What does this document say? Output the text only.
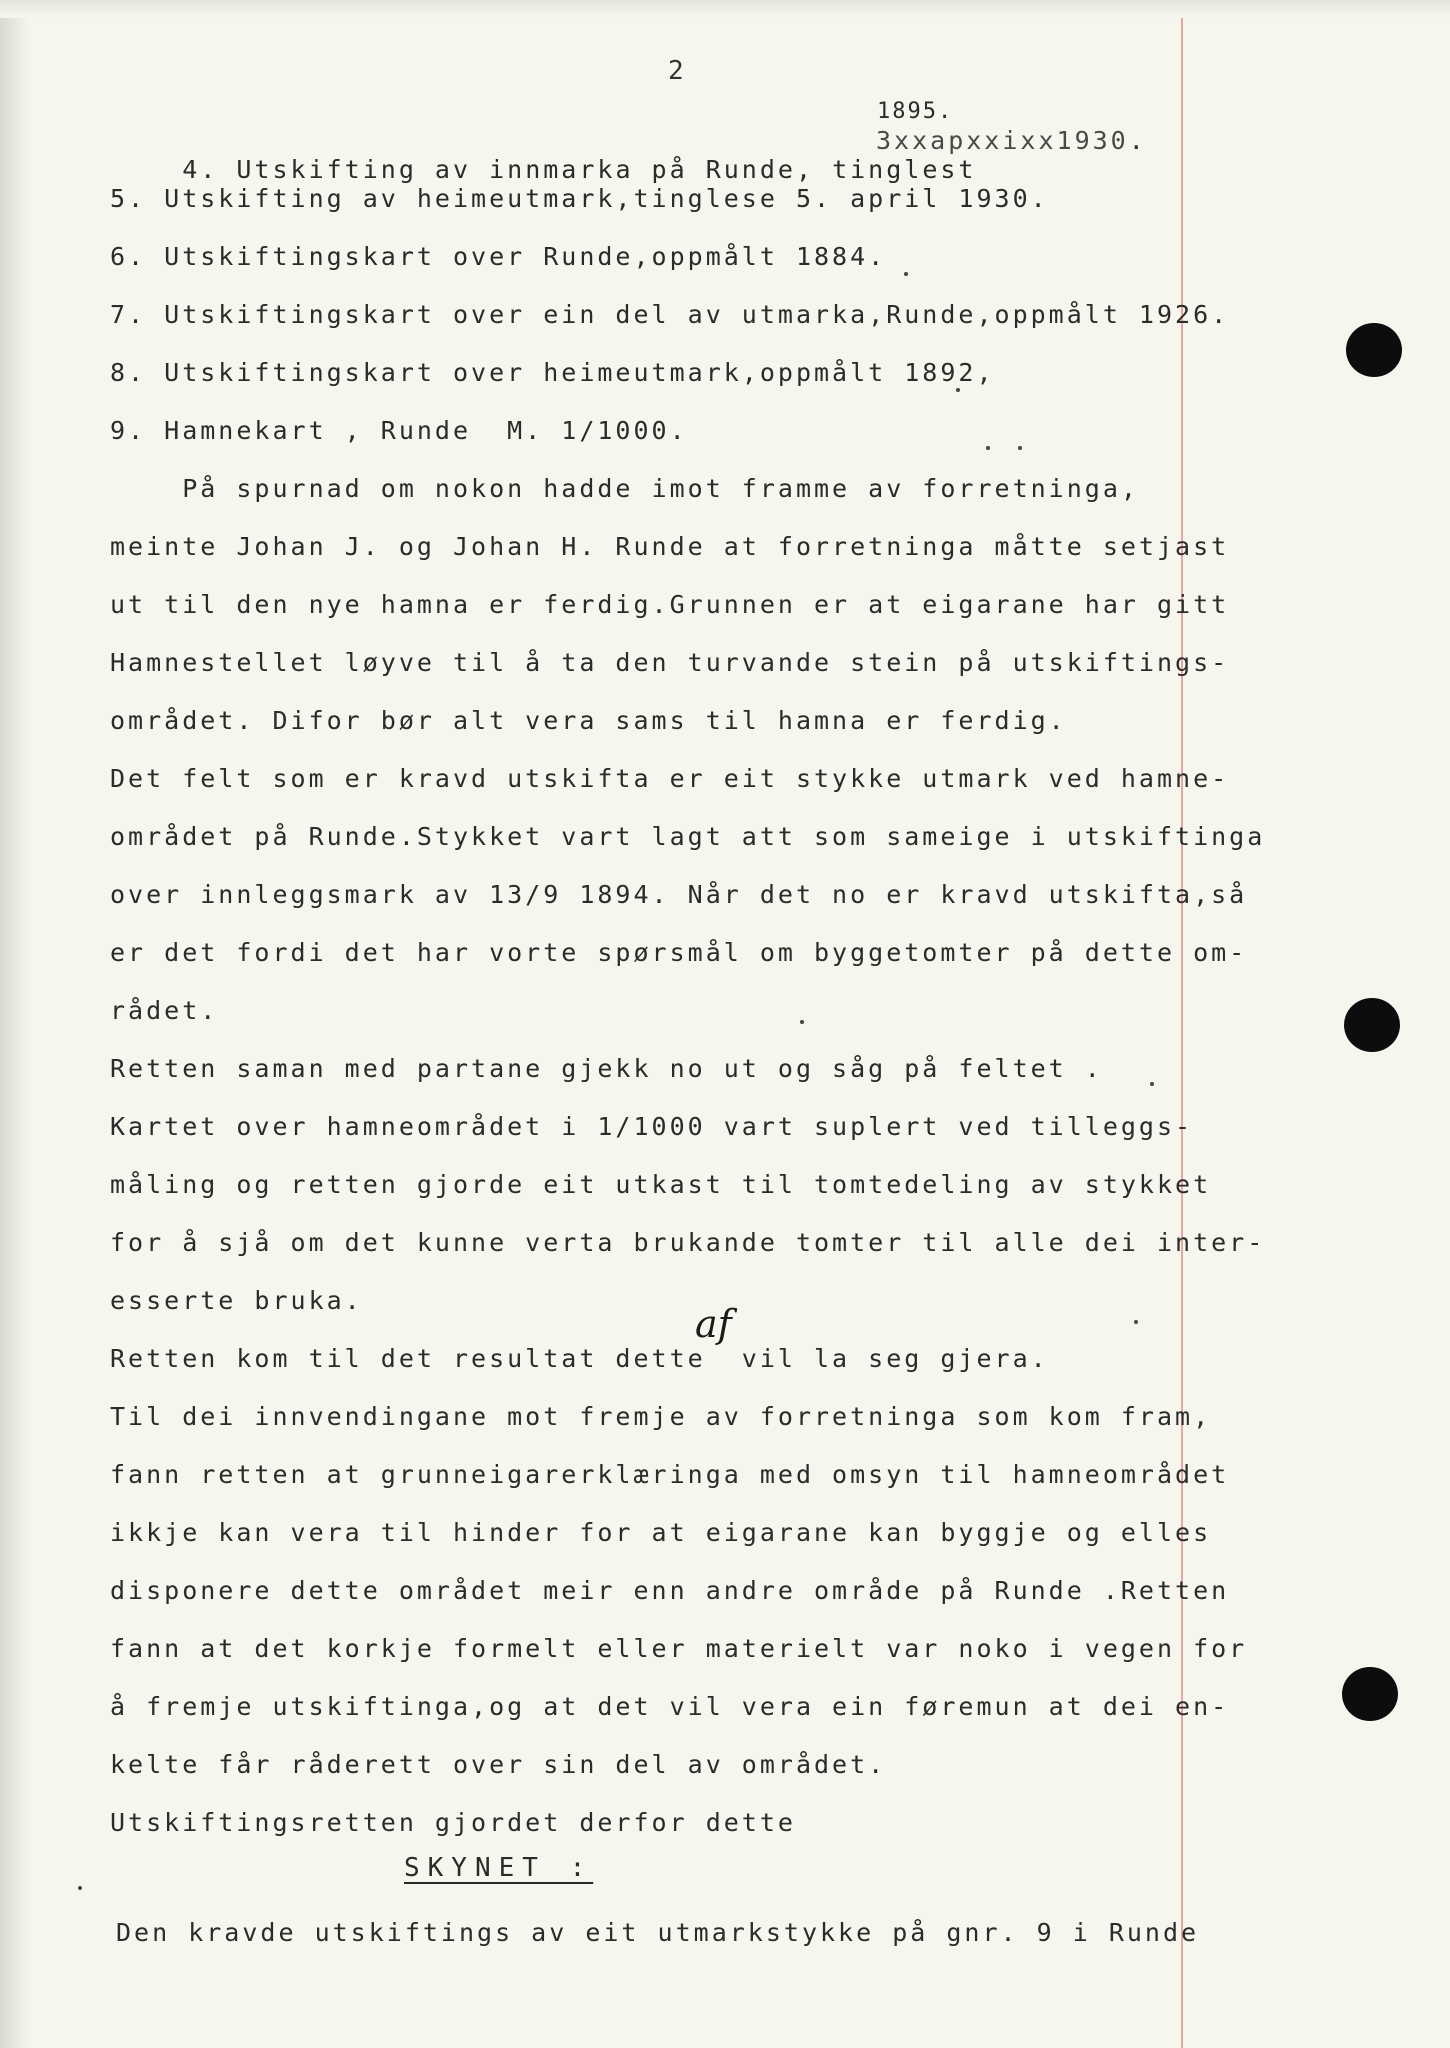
2

4. Utskifting av innmarka på Runde, tinglest

1895.
3xxapxxixx1930.
5. Utskifting av heimeutmark,tinglese 5. april 1930.
6. Utskiftingskart over Runde,oppmålt 1884.
7. Utskiftingskart over ein del av utmarka,Runde,oppmålt 1926.
8. Utskiftingskart over heimeutmark,oppmålt 1892,
9. Hamnekart , Runde  M. 1/1000.
På spurnad om nokon hadde imot framme av forretninga,
meinte Johan J. og Johan H. Runde at forretninga måtte setjast
ut til den nye hamna er ferdig.Grunnen er at eigarane har gitt
Hamnestellet løyve til å ta den turvande stein på utskiftings-
området. Difor bør alt vera sams til hamna er ferdig.
Det felt som er kravd utskifta er eit stykke utmark ved hamne-
området på Runde.Stykket vart lagt att som sameige i utskiftinga
over innleggsmark av 13/9 1894. Når det no er kravd utskifta,så
er det fordi det har vorte spørsmål om byggetomter på dette om-
rådet.
Retten saman med partane gjekk no ut og såg på feltet .
Kartet over hamneområdet i 1/1000 vart suplert ved tilleggs-
måling og retten gjorde eit utkast til tomtedeling av stykket
for å sjå om det kunne verta brukande tomter til alle dei inter-
esserte bruka.
Retten kom til det resultat dette  vil la seg gjera.
af
Til dei innvendingane mot fremje av forretninga som kom fram,
fann retten at grunneigarerklæringa med omsyn til hamneområdet
ikkje kan vera til hinder for at eigarane kan byggje og elles
disponere dette området meir enn andre område på Runde .Retten
fann at det korkje formelt eller materielt var noko i vegen for
å fremje utskiftinga,og at det vil vera ein føremun at dei en-
kelte får råderett over sin del av området.
Utskiftingsretten gjordet derfor dette
SKYNET :
Den kravde utskiftings av eit utmarkstykke på gnr. 9 i Runde
